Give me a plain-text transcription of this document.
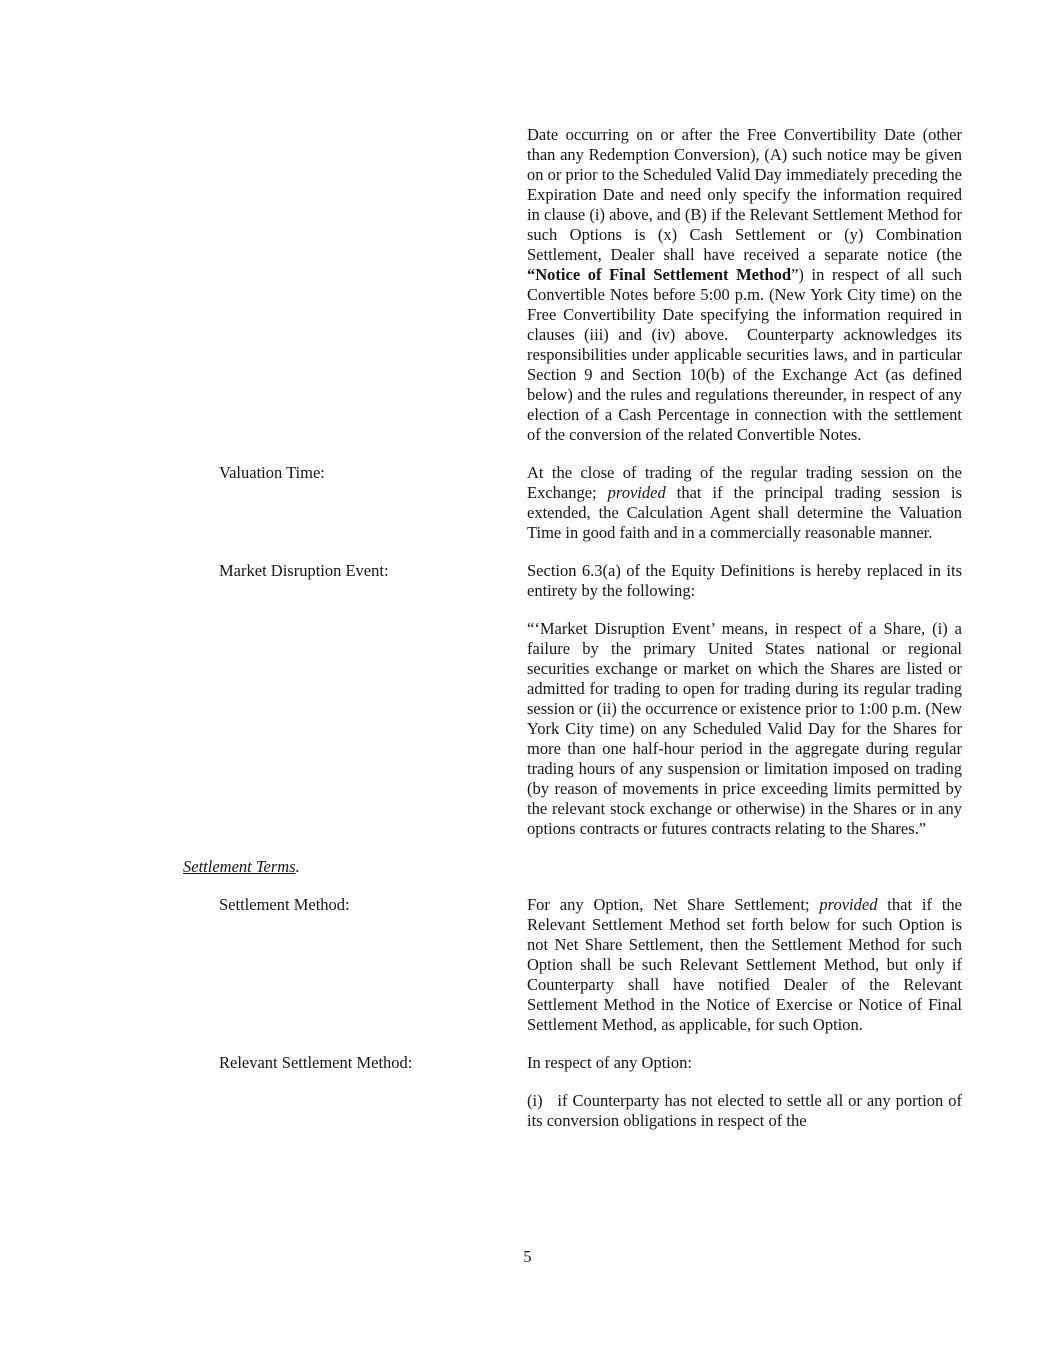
Date occurring on or after the Free Convertibility Date (other than any Redemption Conversion), (A) such notice may be given on or prior to the Scheduled Valid Day immediately preceding the Expiration Date and need only specify the information required in clause (i) above, and (B) if the Relevant Settlement Method for such Options is (x) Cash Settlement or (y) Combination Settlement, Dealer shall have received a separate notice (the “Notice of Final Settlement Method”) in respect of all such Convertible Notes before 5:00 p.m. (New York City time) on the Free Convertibility Date specifying the information required in clauses (iii) and (iv) above.  Counterparty acknowledges its responsibilities under applicable securities laws, and in particular Section 9 and Section 10(b) of the Exchange Act (as defined below) and the rules and regulations thereunder, in respect of any election of a Cash Percentage in connection with the settlement of the conversion of the related Convertible Notes.

Valuation Time:	At the close of trading of the regular trading session on the Exchange; provided that if the principal trading session is extended, the Calculation Agent shall determine the Valuation Time in good faith and in a commercially reasonable manner.

Market Disruption Event:	Section 6.3(a) of the Equity Definitions is hereby replaced in its entirety by the following:

“‘Market Disruption Event’ means, in respect of a Share, (i) a failure by the primary United States national or regional securities exchange or market on which the Shares are listed or admitted for trading to open for trading during its regular trading session or (ii) the occurrence or existence prior to 1:00 p.m. (New York City time) on any Scheduled Valid Day for the Shares for more than one half-hour period in the aggregate during regular trading hours of any suspension or limitation imposed on trading (by reason of movements in price exceeding limits permitted by the relevant stock exchange or otherwise) in the Shares or in any options contracts or futures contracts relating to the Shares.”

Settlement Terms.
Settlement Method:	For any Option, Net Share Settlement; provided that if the Relevant Settlement Method set forth below for such Option is not Net Share Settlement, then the Settlement Method for such Option shall be such Relevant Settlement Method, but only if Counterparty shall have notified Dealer of the Relevant Settlement Method in the Notice of Exercise or Notice of Final Settlement Method, as applicable, for such Option.

Relevant Settlement Method:	In respect of any Option:

(i)   if Counterparty has not elected to settle all or any portion of its conversion obligations in respect of the

5
